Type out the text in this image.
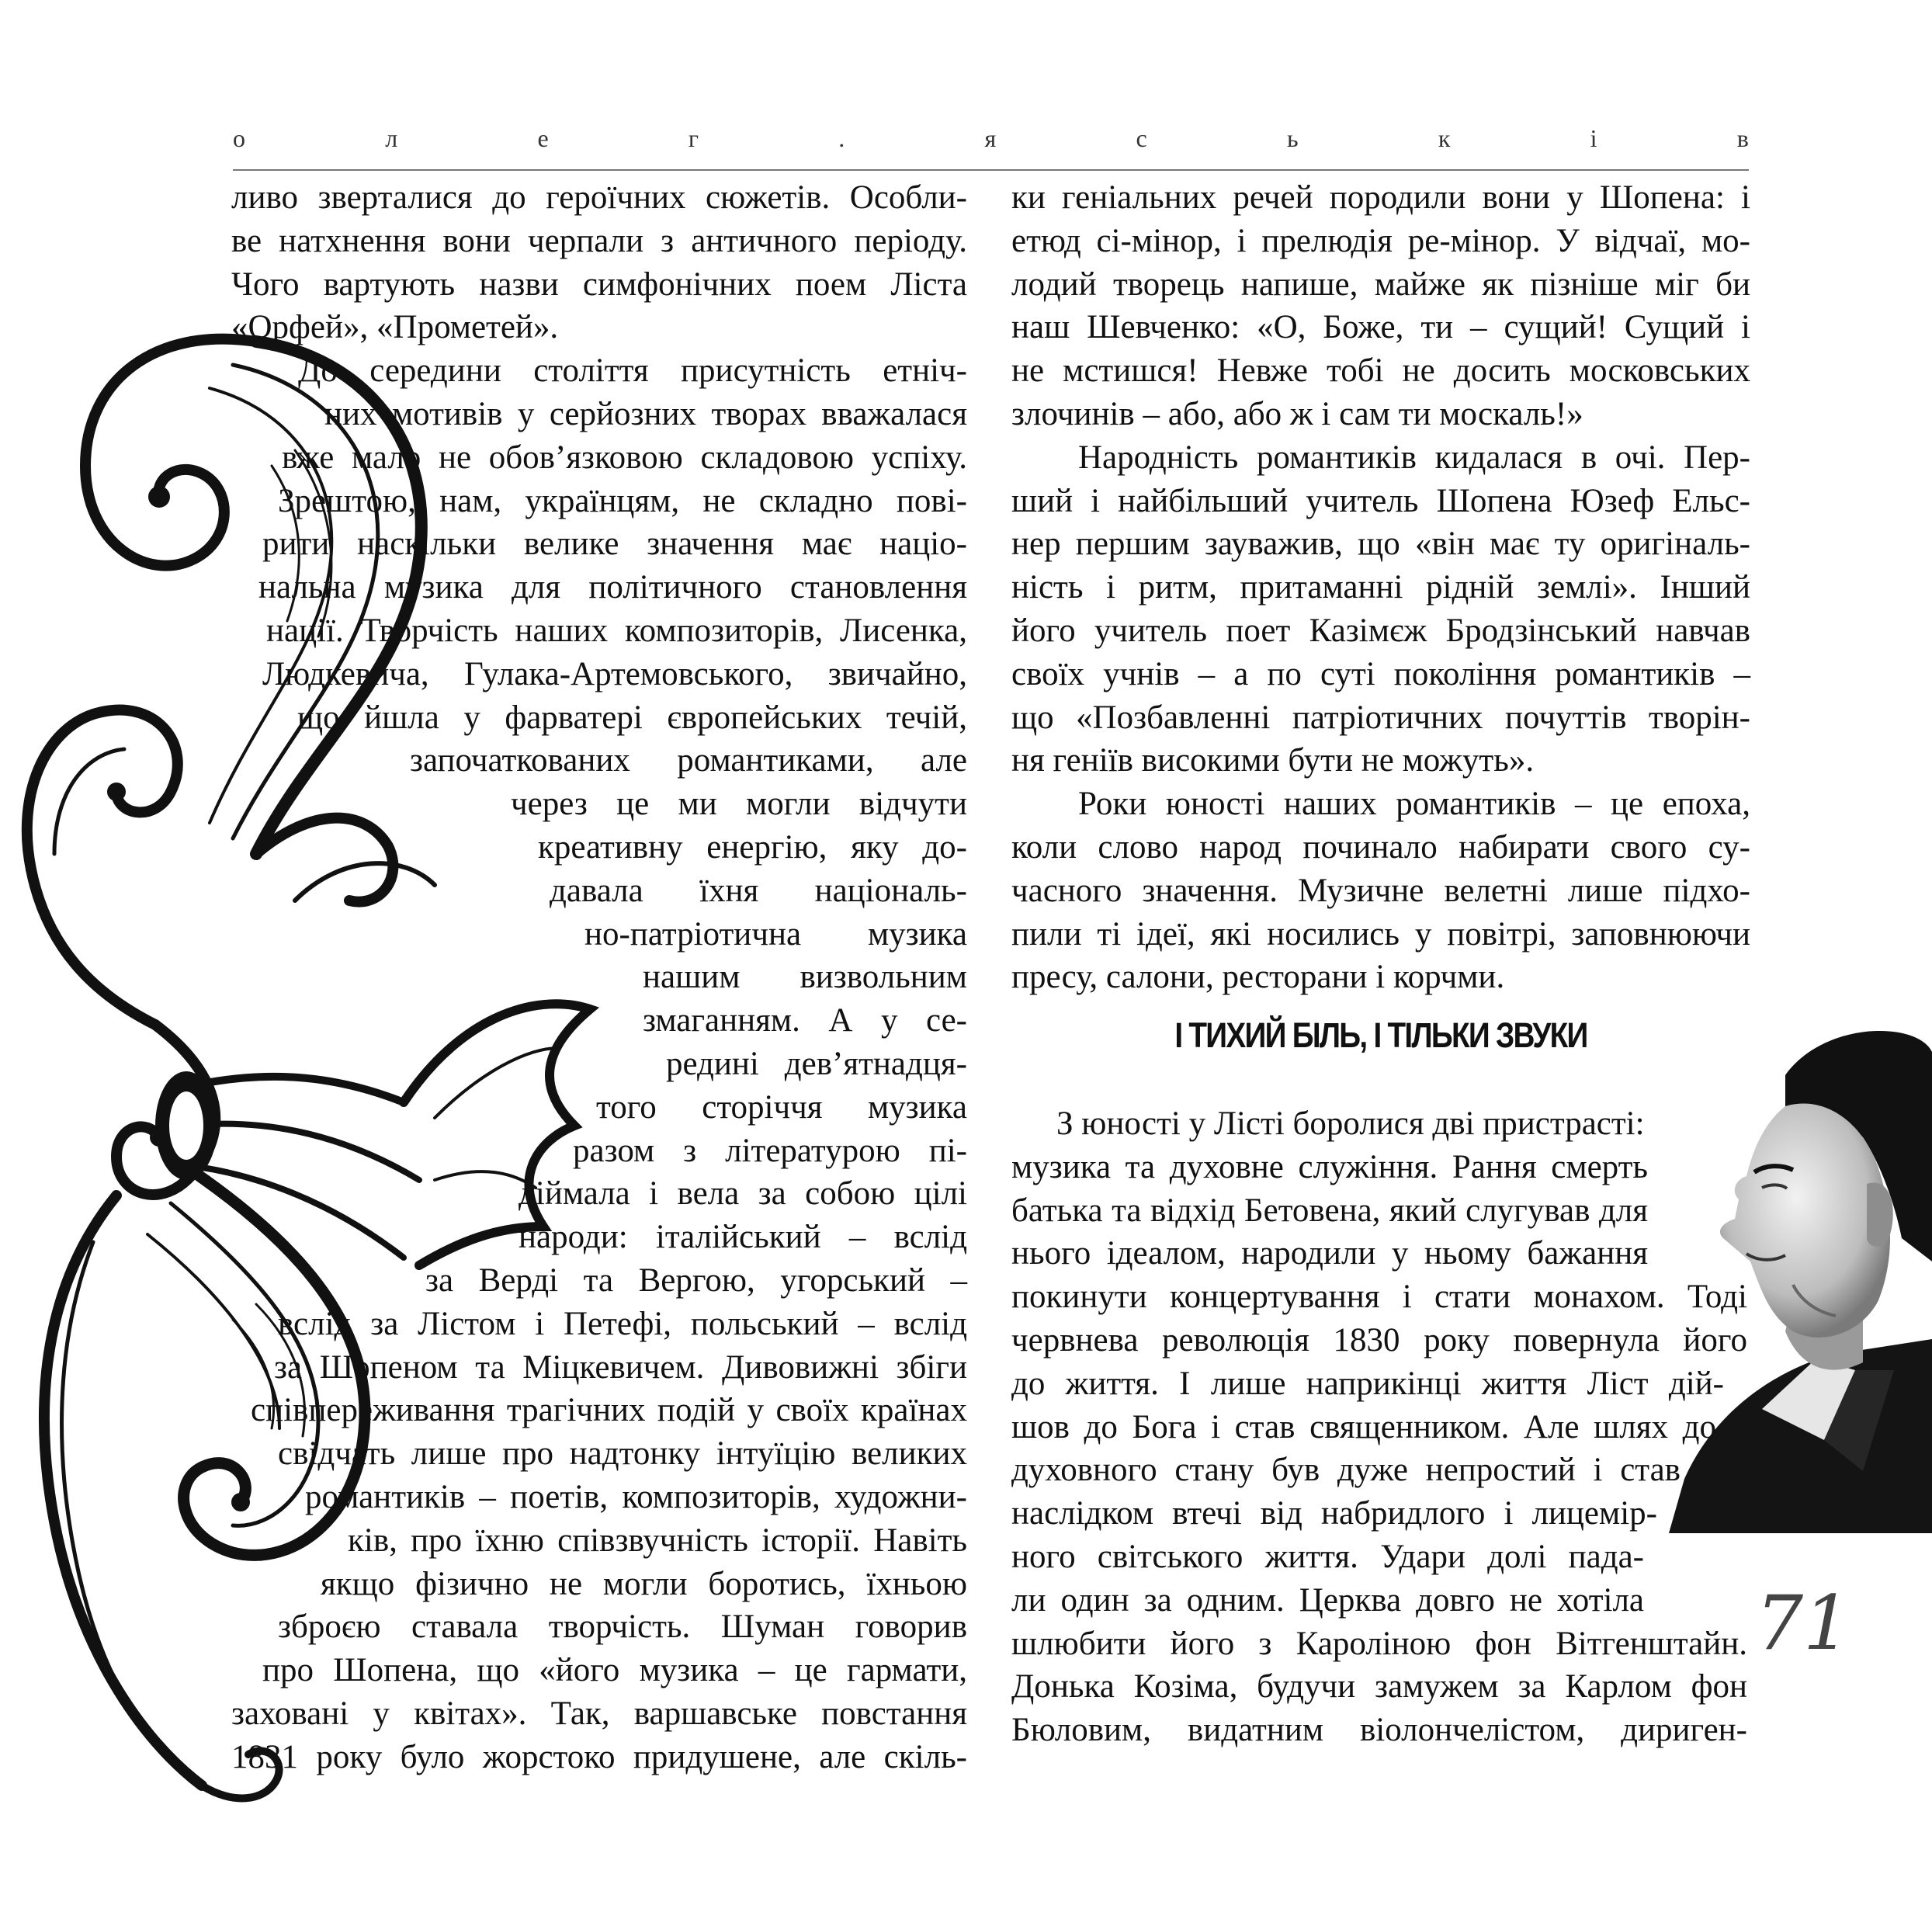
о	л	е	г	.	я	с	ь	к	і	в
ливо зверталися до героїчних сюжетів. Особли-
ве натхнення вони черпали з античного періоду.
Чого вартують назви симфонічних поем Ліста
«Орфей», «Прометей».
До середини століття присутність етніч-
них мотивів у серйозних творах вважалася
вже мало не обов’язковою складовою успіху.
Зрештою, нам, українцям, не складно пові-
рити наскільки велике значення має націо-
нальна музика для політичного становлення
нації. Творчість наших композиторів, Лисенка,
Людкевича, Гулака-Артемовського, звичайно,
що йшла у фарватері європейських течій,
започаткованих романтиками, але
через це ми могли відчути
креативну енергію, яку до-
давала їхня національ-
но-патріотична музика
нашим визвольним
змаганням. А у се-
редині дев’ятнадця-
того сторіччя музика
разом з літературою пі-
діймала і вела за собою цілі
народи: італійський – вслід
за Верді та Вергою, угорський –
вслід за Лістом і Петефі, польський – вслід
за Шопеном та Міцкевичем. Дивовижні збіги
співпереживання трагічних подій у своїх країнах
свідчать лише про надтонку інтуїцію великих
романтиків – поетів, композиторів, художни-
ків, про їхню співзвучність історії. Навіть
якщо фізично не могли боротись, їхньою
зброєю ставала творчість. Шуман говорив
про Шопена, що «його музика – це гармати,
заховані у квітах». Так, варшавське повстання
1831 року було жорстоко придушене, але скіль-
ки геніальних речей породили вони у Шопена: і
етюд сі-мінор, і прелюдія ре-мінор. У відчаї, мо-
лодий творець напише, майже як пізніше міг би
наш Шевченко: «О, Боже, ти – сущий! Сущий і
не мстишся! Невже тобі не досить московських
злочинів – або, або ж і сам ти москаль!»
Народність романтиків кидалася в очі. Пер-
ший і найбільший учитель Шопена Юзеф Ельс-
нер першим зауважив, що «він має ту оригіналь-
ність і ритм, притаманні рідній землі». Інший
його учитель поет Казімєж Бродзінський навчав
своїх учнів – а по суті покоління романтиків –
що «Позбавленні патріотичних почуттів творін-
ня геніїв високими бути не можуть».
Роки юності наших романтиків – це епоха,
коли слово народ починало набирати свого су-
часного значення. Музичне велетні лише підхо-
пили ті ідеї, які носились у повітрі, заповнюючи
пресу, салони, ресторани і корчми.
І ТИХИЙ БІЛЬ, І ТІЛЬКИ ЗВУКИ
З юності у Лісті боролися дві пристрасті:
музика та духовне служіння. Рання смерть
батька та відхід Бетовена, який слугував для
нього ідеалом, народили у ньому бажання
покинути концертування і стати монахом. Тоді
червнева революція 1830 року повернула його
до життя. І лише наприкінці життя Ліст дій-
шов до Бога і став священником. Але шлях до
духовного стану був дуже непростий і став
наслідком втечі від набридлого і лицемір-
ного світського життя. Удари долі пада-
ли один за одним. Церква довго не хотіла
шлюбити його з Кароліною фон Вітгенштайн.
Донька Козіма, будучи замужем за Карлом фон
Бюловим, видатним віолончелістом, дириген-
71
